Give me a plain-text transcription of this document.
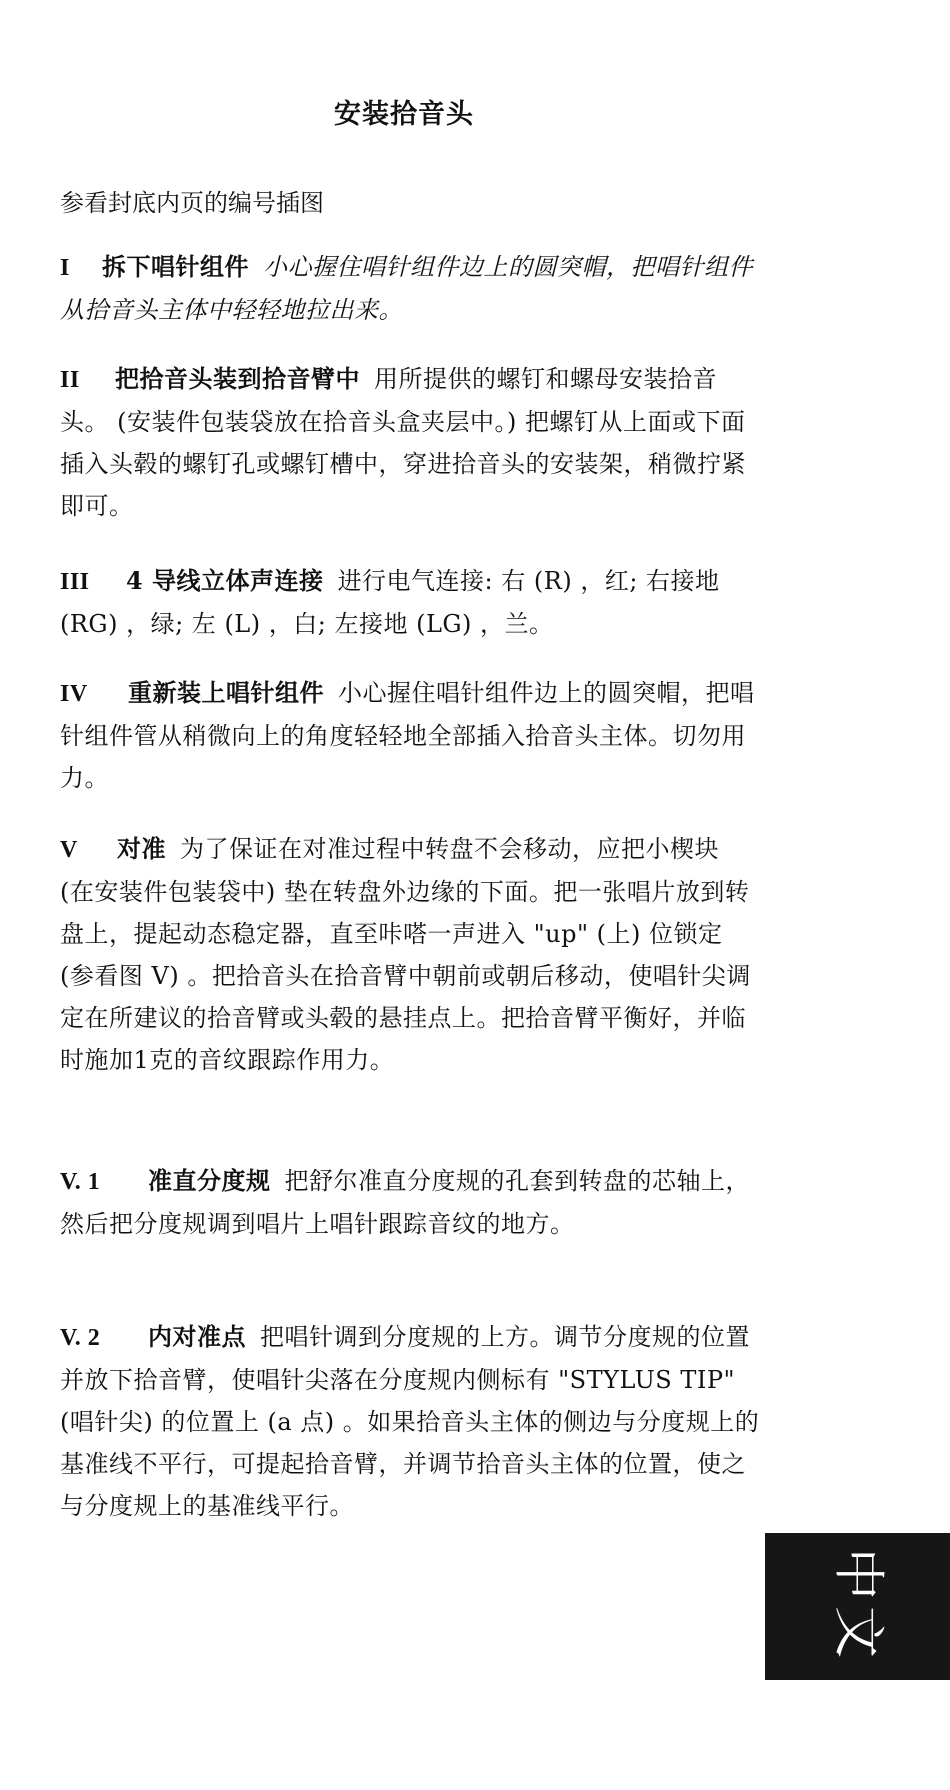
安装拾音头
参看封底内页的编号插图
I 拆下唱针组件 小心握住唱针组件边上的圆突帽，把唱针组件从拾音头主体中轻轻地拉出来。
II 把拾音头装到拾音臂中 用所提供的螺钉和螺母安装拾音头。 (安装件包装袋放在拾音头盒夹层中。) 把螺钉从上面或下面插入头毂的螺钉孔或螺钉槽中，穿进拾音头的安装架，稍微拧紧即可。
III 4 导线立体声连接 进行电气连接: 右 (R) ，红; 右接地 (RG) ，绿; 左 (L) ，白; 左接地 (LG) ，兰。
IV 重新装上唱针组件 小心握住唱针组件边上的圆突帽，把唱针组件管从稍微向上的角度轻轻地全部插入拾音头主体。切勿用力。
V 对准 为了保证在对准过程中转盘不会移动，应把小楔块 (在安装件包装袋中) 垫在转盘外边缘的下面。把一张唱片放到转盘上，提起动态稳定器，直至咔嗒一声进入 "up" (上) 位锁定 (参看图 V) 。把拾音头在拾音臂中朝前或朝后移动，使唱针尖调定在所建议的拾音臂或头毂的悬挂点上。把拾音臂平衡好，并临时施加1克的音纹跟踪作用力。
V. 1 准直分度规 把舒尔准直分度规的孔套到转盘的芯轴上，然后把分度规调到唱片上唱针跟踪音纹的地方。
V. 2 内对准点 把唱针调到分度规的上方。调节分度规的位置并放下拾音臂，使唱针尖落在分度规内侧标有 "STYLUS TIP" (唱针尖) 的位置上 (a 点) 。如果拾音头主体的侧边与分度规上的基准线不平行，可提起拾音臂，并调节拾音头主体的位置，使之与分度规上的基准线平行。
中文
